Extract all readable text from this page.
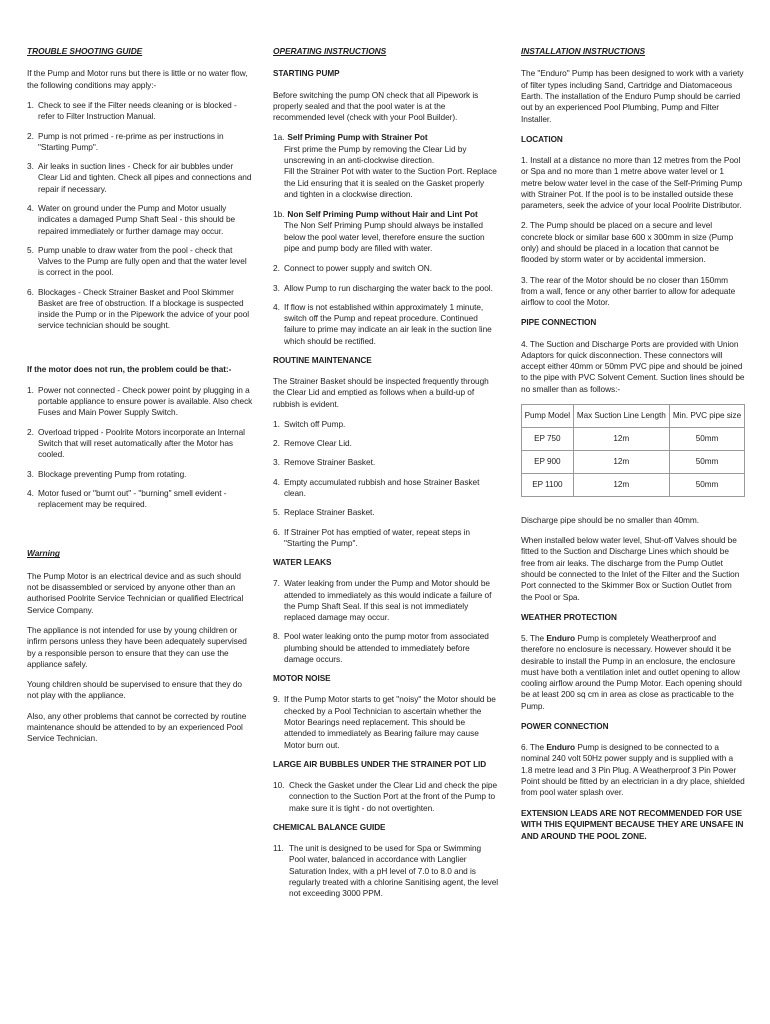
TROUBLE SHOOTING GUIDE

If the Pump and Motor runs but there is little or no water flow, the following conditions may apply:-

1. Check to see if the Filter needs cleaning or is blocked - refer to Filter Instruction Manual.
2. Pump is not primed - re-prime as per instructions in "Starting Pump".
3. Air leaks in suction lines - Check for air bubbles under Clear Lid and tighten. Check all pipes and connections and repair if necessary.
4. Water on ground under the Pump and Motor usually indicates a damaged Pump Shaft Seal - this should be repaired immediately or further damage may occur.
5. Pump unable to draw water from the pool - check that Valves to the Pump are fully open and that the water level is correct in the pool.
6. Blockages - Check Strainer Basket and Pool Skimmer Basket are free of obstruction. If a blockage is suspected inside the Pump or in the Pipework the advice of your pool service technician should be sought.
If the motor does not run, the problem could be that:-
1. Power not connected - Check power point by plugging in a portable appliance to ensure power is available. Also check Fuses and Main Power Supply Switch.
2. Overload tripped - Poolrite Motors incorporate an Internal Switch that will reset automatically after the Motor has cooled.
3. Blockage preventing Pump from rotating.
4. Motor fused or "burnt out" - "burning" smell evident - replacement may be required.
Warning

The Pump Motor is an electrical device and as such should not be disassembled or serviced by anyone other than an authorised Poolrite Service Technician or qualified Electrical Service Company.

The appliance is not intended for use by young children or infirm persons unless they have been adequately supervised by a responsible person to ensure that they can use the appliance safely.

Young children should be supervised to ensure that they do not play with the appliance.

Also, any other problems that cannot be corrected by routine maintenance should be attended to by an experienced Pool Service Technician.

OPERATING INSTRUCTIONS
STARTING PUMP

Before switching the pump ON check that all Pipework is properly sealed and that the pool water is at the recommended level (check with your Pool Builder).

1a. Self Priming Pump with Strainer Pot

First prime the Pump by removing the Clear Lid by unscrewing in an anti-clockwise direction.

Fill the Strainer Pot with water to the Suction Port. Replace the Lid ensuring that it is sealed on the Gasket properly and tighten in a clockwise direction.

1b. Non Self Priming Pump without Hair and Lint Pot

The Non Self Priming Pump should always be installed below the pool water level, therefore ensure the suction pipe and pump body are filled with water.

2. Connect to power supply and switch ON.
3. Allow Pump to run discharging the water back to the pool.
4. If flow is not established within approximately 1 minute, switch off the Pump and repeat procedure. Continued failure to prime may indicate an air leak in the suction line which should be rectified.
ROUTINE MAINTENANCE

The Strainer Basket should be inspected frequently through the Clear Lid and emptied as follows when a build-up of rubbish is evident.

1. Switch off Pump.
2. Remove Clear Lid.
3. Remove Strainer Basket.
4. Empty accumulated rubbish and hose Strainer Basket clean.
5. Replace Strainer Basket.
6. If Strainer Pot has emptied of water, repeat steps in "Starting the Pump".
WATER LEAKS
7. Water leaking from under the Pump and Motor should be attended to immediately as this would indicate a failure of the Pump Shaft Seal. If this seal is not immediately replaced damage may occur.
8. Pool water leaking onto the pump motor from associated plumbing should be attended to immediately before damage occurs.
MOTOR NOISE
9. If the Pump Motor starts to get "noisy" the Motor should be checked by a Pool Technician to ascertain whether the Motor Bearings need replacement. This should be attended to immediately as Bearing failure may cause Motor burn out.
LARGE AIR BUBBLES UNDER THE STRAINER POT LID
10. Check the Gasket under the Clear Lid and check the pipe connection to the Suction Port at the front of the Pump to make sure it is tight - do not overtighten.
CHEMICAL BALANCE GUIDE
11. The unit is designed to be used for Spa or Swimming Pool water, balanced in accordance with Langlier Saturation Index, with a pH level of 7.0 to 8.0 and is regularly treated with a chlorine Sanitising agent, the level not exceeding 3000 PPM.
INSTALLATION INSTRUCTIONS

The "Enduro" Pump has been designed to work with a variety of filter types including Sand, Cartridge and Diatomaceous Earth. The installation of the Enduro Pump should be carried out by an experienced Pool Plumbing, Pump and Filter Installer.

LOCATION

1. Install at a distance no more than 12 metres from the Pool or Spa and no more than 1 metre above water level or 1 metre below water level in the case of the Self-Priming Pump with Strainer Pot. If the pool is to be installed outside these parameters, seek the advice of your local Poolrite Distributor.

2. The Pump should be placed on a secure and level concrete block or similar base 600 x 300mm in size (Pump only) and should be placed in a location that cannot be flooded by storm water or by accidental immersion.

3. The rear of the Motor should be no closer than 150mm from a wall, fence or any other barrier to allow for adequate airflow to cool the Motor.

PIPE CONNECTION

4. The Suction and Discharge Ports are provided with Union Adaptors for quick disconnection. These connectors will accept either 40mm or 50mm PVC pipe and should be joined to the pipe with PVC Solvent Cement. Suction lines should be no smaller than as follows:-

Pump Model	Max Suction Line Length	Min. PVC pipe size
EP 750	12m	50mm
EP 900	12m	50mm
EP 1100	12m	50mm

Discharge pipe should be no smaller than 40mm.

When installed below water level, Shut-off Valves should be fitted to the Suction and Discharge Lines which should be free from air leaks. The discharge from the Pump Outlet should be connected to the Inlet of the Filter and the Suction Port connected to the Skimmer Box or Suction Outlet from the Pool or Spa.

WEATHER PROTECTION

5. The Enduro Pump is completely Weatherproof and therefore no enclosure is necessary. However should it be desirable to install the Pump in an enclosure, the enclosure must have both a ventilation inlet and outlet opening to allow cooling airflow around the Pump Motor. Each opening should be at least 200 sq cm in area as close as practicable to the Pump.

POWER CONNECTION

6. The Enduro Pump is designed to be connected to a nominal 240 volt 50Hz power supply and is supplied with a 1.8 metre lead and 3 Pin Plug. A Weatherproof 3 Pin Power Point should be fitted by an electrician in a dry place, shielded from pool water splash over.

EXTENSION LEADS ARE NOT RECOMMENDED FOR USE WITH THIS EQUIPMENT BECAUSE THEY ARE UNSAFE IN AND AROUND THE POOL ZONE.
